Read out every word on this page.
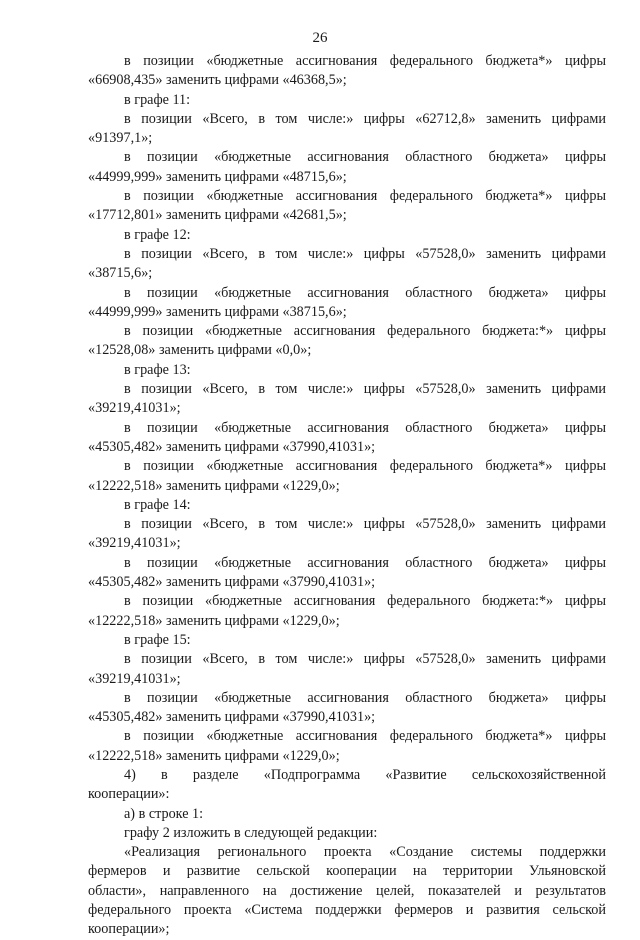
26

в позиции «бюджетные ассигнования федерального бюджета*» цифры

«66908,435» заменить цифрами «46368,5»;

в графе 11:

в позиции «Всего, в том числе:» цифры «62712,8» заменить цифрами

«91397,1»;

в позиции «бюджетные ассигнования областного бюджета» цифры

«44999,999» заменить цифрами «48715,6»;

в позиции «бюджетные ассигнования федерального бюджета*» цифры

«17712,801» заменить цифрами «42681,5»;

в графе 12:

в позиции «Всего, в том числе:» цифры «57528,0» заменить цифрами

«38715,6»;

в позиции «бюджетные ассигнования областного бюджета» цифры

«44999,999» заменить цифрами «38715,6»;

в позиции «бюджетные ассигнования федерального бюджета:*» цифры

«12528,08» заменить цифрами «0,0»;

в графе 13:

в позиции «Всего, в том числе:» цифры «57528,0» заменить цифрами

«39219,41031»;

в позиции «бюджетные ассигнования областного бюджета» цифры

«45305,482» заменить цифрами «37990,41031»;

в позиции «бюджетные ассигнования федерального бюджета*» цифры

«12222,518» заменить цифрами «1229,0»;

в графе 14:

в позиции «Всего, в том числе:» цифры «57528,0» заменить цифрами

«39219,41031»;

в позиции «бюджетные ассигнования областного бюджета» цифры

«45305,482» заменить цифрами «37990,41031»;

в позиции «бюджетные ассигнования федерального бюджета:*» цифры

«12222,518» заменить цифрами «1229,0»;

в графе 15:

в позиции «Всего, в том числе:» цифры «57528,0» заменить цифрами

«39219,41031»;

в позиции «бюджетные ассигнования областного бюджета» цифры

«45305,482» заменить цифрами «37990,41031»;

в позиции «бюджетные ассигнования федерального бюджета*» цифры

«12222,518» заменить цифрами «1229,0»;

4) в разделе «Подпрограмма «Развитие сельскохозяйственной

кооперации»:

а) в строке 1:

графу 2 изложить в следующей редакции:

«Реализация регионального проекта «Создание системы поддержки

фермеров и развитие сельской кооперации на территории Ульяновской

области», направленного на достижение целей, показателей и результатов

федерального проекта «Система поддержки фермеров и развития сельской

кооперации»;
